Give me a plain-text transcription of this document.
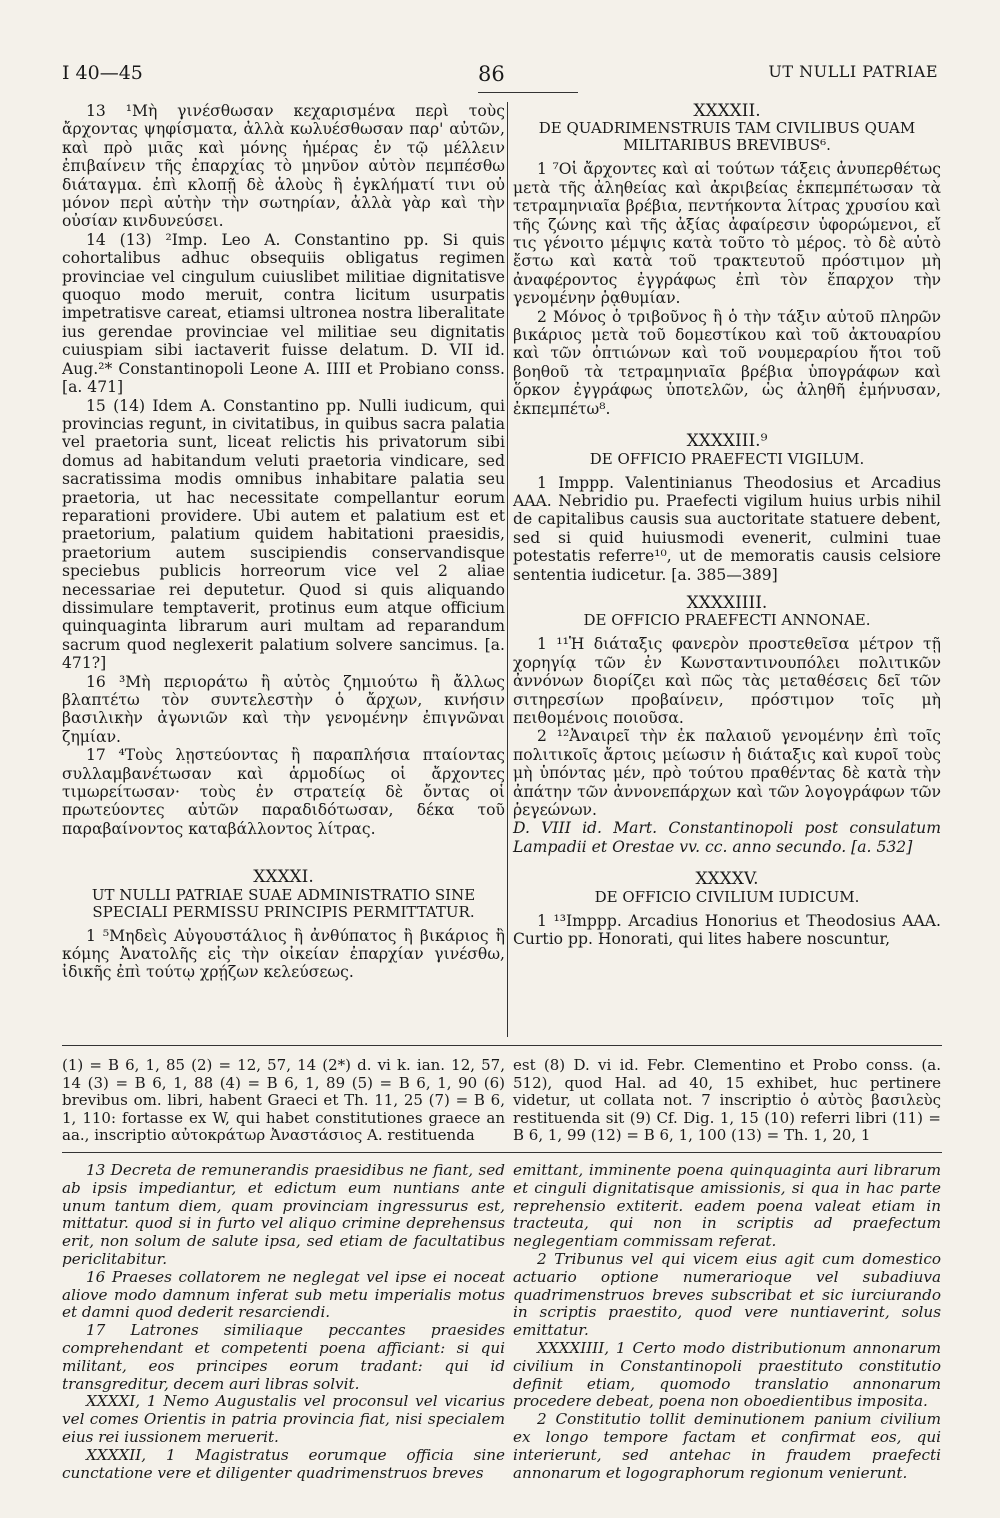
I 40—45	86	UT NULLI PATRIAE

13 ¹Μὴ γινέσθωσαν κεχαρισμένα περὶ τοὺς ἄρχοντας ψηφίσματα, ἀλλὰ κωλυέσθωσαν παρ' αὐτῶν, καὶ πρὸ μιᾶς καὶ μόνης ἡμέρας ἐν τῷ μέλλειν ἐπιβαίνειν τῆς ἐπαρχίας τὸ μηνῦον αὐτὸν πεμπέσθω διάταγμα. ἐπὶ κλοπῇ δὲ ἁλοὺς ἢ ἐγκλήματί τινι οὐ μόνον περὶ αὐτὴν τὴν σωτηρίαν, ἀλλὰ γὰρ καὶ τὴν οὐσίαν κινδυνεύσει.

14 (13) ²Imp. Leo A. Constantino pp. Si quis cohortalibus adhuc obsequiis obligatus regimen provinciae vel cingulum cuiuslibet militiae dignitatisve quoquo modo meruit, contra licitum usurpatis impetratisve careat, etiamsi ultronea nostra liberalitate ius gerendae provinciae vel militiae seu dignitatis cuiuspiam sibi iactaverit fuisse delatum. D. VII id. Aug.²* Constantinopoli Leone A. IIII et Probiano conss. [a. 471]

15 (14) Idem A. Constantino pp. Nulli iudicum, qui provincias regunt, in civitatibus, in quibus sacra palatia vel praetoria sunt, liceat relictis his privatorum sibi domus ad habitandum veluti praetoria vindicare, sed sacratissima modis omnibus inhabitare palatia seu praetoria, ut hac necessitate compellantur eorum reparationi providere. Ubi autem et palatium est et praetorium, palatium quidem habitationi praesidis, praetorium autem suscipiendis conservandisque speciebus publicis horreorum vice vel 2 aliae necessariae rei deputetur. Quod si quis aliquando dissimulare temptaverit, protinus eum atque officium quinquaginta librarum auri multam ad reparandum sacrum quod neglexerit palatium solvere sancimus. [a. 471?]

16 ³Μὴ περιοράτω ἢ αὐτὸς ζημιούτω ἢ ἄλλως βλαπτέτω τὸν συντελεστὴν ὁ ἄρχων, κινήσιν βασιλικὴν ἀγωνιῶν καὶ τὴν γενομένην ἐπιγνῶναι ζημίαν.

17 ⁴Τοὺς λῃστεύοντας ἢ παραπλήσια πταίοντας συλλαμβανέτωσαν καὶ ἁρμοδίως οἱ ἄρχοντες τιμωρείτωσαν· τοὺς ἐν στρατείᾳ δὲ ὄντας οἱ πρωτεύοντες αὐτῶν παραδιδότωσαν, δέκα τοῦ παραβαίνοντος καταβάλλοντος λίτρας.

XXXXI.
UT NULLI PATRIAE SUAE ADMINISTRATIO SINE SPECIALI PERMISSU PRINCIPIS PERMITTATUR.

1 ⁵Μηδεὶς Αὐγουστάλιος ἢ ἀνθύπατος ἢ βικάριος ἢ κόμης Ἀνατολῆς εἰς τὴν οἰκείαν ἐπαρχίαν γινέσθω, ἰδικῆς ἐπὶ τούτῳ χρῄζων κελεύσεως.

XXXXII.
DE QUADRIMENSTRUIS TAM CIVILIBUS QUAM MILITARIBUS BREVIBUS⁶.

1 ⁷Οἱ ἄρχοντες καὶ αἱ τούτων τάξεις ἀνυπερθέτως μετὰ τῆς ἀληθείας καὶ ἀκριβείας ἐκπεμπέτωσαν τὰ τετραμηνιαῖα βρέβια, πεντήκοντα λίτρας χρυσίου καὶ τῆς ζώνης καὶ τῆς ἀξίας ἀφαίρεσιν ὑφορώμενοι, εἴ τις γένοιτο μέμψις κατὰ τοῦτο τὸ μέρος. τὸ δὲ αὐτὸ ἔστω καὶ κατὰ τοῦ τρακτευτοῦ πρόστιμον μὴ ἀναφέροντος ἐγγράφως ἐπὶ τὸν ἔπαρχον τὴν γενομένην ῥᾳθυμίαν.

2 Μόνος ὁ τριβοῦνος ἢ ὁ τὴν τάξιν αὐτοῦ πληρῶν βικάριος μετὰ τοῦ δομεστίκου καὶ τοῦ ἀκτουαρίου καὶ τῶν ὀπτιώνων καὶ τοῦ νουμεραρίου ἤτοι τοῦ βοηθοῦ τὰ τετραμηνιαῖα βρέβια ὑπογράφων καὶ ὅρκον ἐγγράφως ὑποτελῶν, ὡς ἀληθῆ ἐμήνυσαν, ἐκπεμπέτω⁸.

XXXXIII.⁹
DE OFFICIO PRAEFECTI VIGILUM.

1 Imppp. Valentinianus Theodosius et Arcadius AAA. Nebridio pu. Praefecti vigilum huius urbis nihil de capitalibus causis sua auctoritate statuere debent, sed si quid huiusmodi evenerit, culmini tuae potestatis referre¹⁰, ut de memoratis causis celsiore sententia iudicetur. [a. 385—389]

XXXXIIII.
DE OFFICIO PRAEFECTI ANNONAE.

1 ¹¹Ἡ διάταξις φανερὸν προστεθεῖσα μέτρον τῇ χορηγίᾳ τῶν ἐν Κωνσταντινουπόλει πολιτικῶν ἀννόνων διορίζει καὶ πῶς τὰς μεταθέσεις δεῖ τῶν σιτηρεσίων προβαίνειν, πρόστιμον τοῖς μὴ πειθομένοις ποιοῦσα.

2 ¹²Ἀναιρεῖ τὴν ἐκ παλαιοῦ γενομένην ἐπὶ τοῖς πολιτικοῖς ἄρτοις μείωσιν ἡ διάταξις καὶ κυροῖ τοὺς μὴ ὑπόντας μέν, πρὸ τούτου πραθέντας δὲ κατὰ τὴν ἀπάτην τῶν ἀννονεπάρχων καὶ τῶν λογογράφων τῶν ῥεγεώνων.

D. VIII id. Mart. Constantinopoli post consulatum Lampadii et Orestae vv. cc. anno secundo. [a. 532]

XXXXV.
DE OFFICIO CIVILIUM IUDICUM.

1 ¹³Imppp. Arcadius Honorius et Theodosius AAA. Curtio pp. Honorati, qui lites habere noscuntur,

(1) = B 6, 1, 85 (2) = 12, 57, 14 (2*) d. vi k. ian. 12, 57, 14 (3) = B 6, 1, 88 (4) = B 6, 1, 89 (5) = B 6, 1, 90 (6) brevibus om. libri, habent Graeci et Th. 11, 25 (7) = B 6, 1, 110: fortasse ex W, qui habet constitutiones graece an aa., inscriptio αὐτοκράτωρ Ἀναστάσιος Α. restituenda
est (8) D. vi id. Febr. Clementino et Probo conss. (a. 512), quod Hal. ad 40, 15 exhibet, huc pertinere videtur, ut collata not. 7 inscriptio ὁ αὐτὸς βασιλεὺς restituenda sit (9) Cf. Dig. 1, 15 (10) referri libri (11) = B 6, 1, 99 (12) = B 6, 1, 100 (13) = Th. 1, 20, 1

13 Decreta de remunerandis praesidibus ne fiant, sed ab ipsis impediantur, et edictum eum nuntians ante unum tantum diem, quam provinciam ingressurus est, mittatur. quod si in furto vel aliquo crimine deprehensus erit, non solum de salute ipsa, sed etiam de facultatibus periclitabitur.

16 Praeses collatorem ne neglegat vel ipse ei noceat aliove modo damnum inferat sub metu imperialis motus et damni quod dederit resarciendi.

17 Latrones similiaque peccantes praesides comprehendant et competenti poena afficiant: si qui militant, eos principes eorum tradant: qui id transgreditur, decem auri libras solvit.

XXXXI, 1 Nemo Augustalis vel proconsul vel vicarius vel comes Orientis in patria provincia fiat, nisi specialem eius rei iussionem meruerit.

XXXXII, 1 Magistratus eorumque officia sine cunctatione vere et diligenter quadrimenstruos breves

emittant, imminente poena quinquaginta auri librarum et cinguli dignitatisque amissionis, si qua in hac parte reprehensio extiterit. eadem poena valeat etiam in tracteuta, qui non in scriptis ad praefectum neglegentiam commissam referat.

2 Tribunus vel qui vicem eius agit cum domestico actuario optione numerarioque vel subadiuva quadrimenstruos breves subscribat et sic iurciurando in scriptis praestito, quod vere nuntiaverint, solus emittatur.

XXXXIIII, 1 Certo modo distributionum annonarum civilium in Constantinopoli praestituto constitutio definit etiam, quomodo translatio annonarum procedere debeat, poena non oboedientibus imposita.

2 Constitutio tollit deminutionem panium civilium ex longo tempore factam et confirmat eos, qui interierunt, sed antehac in fraudem praefecti annonarum et logographorum regionum venierunt.
